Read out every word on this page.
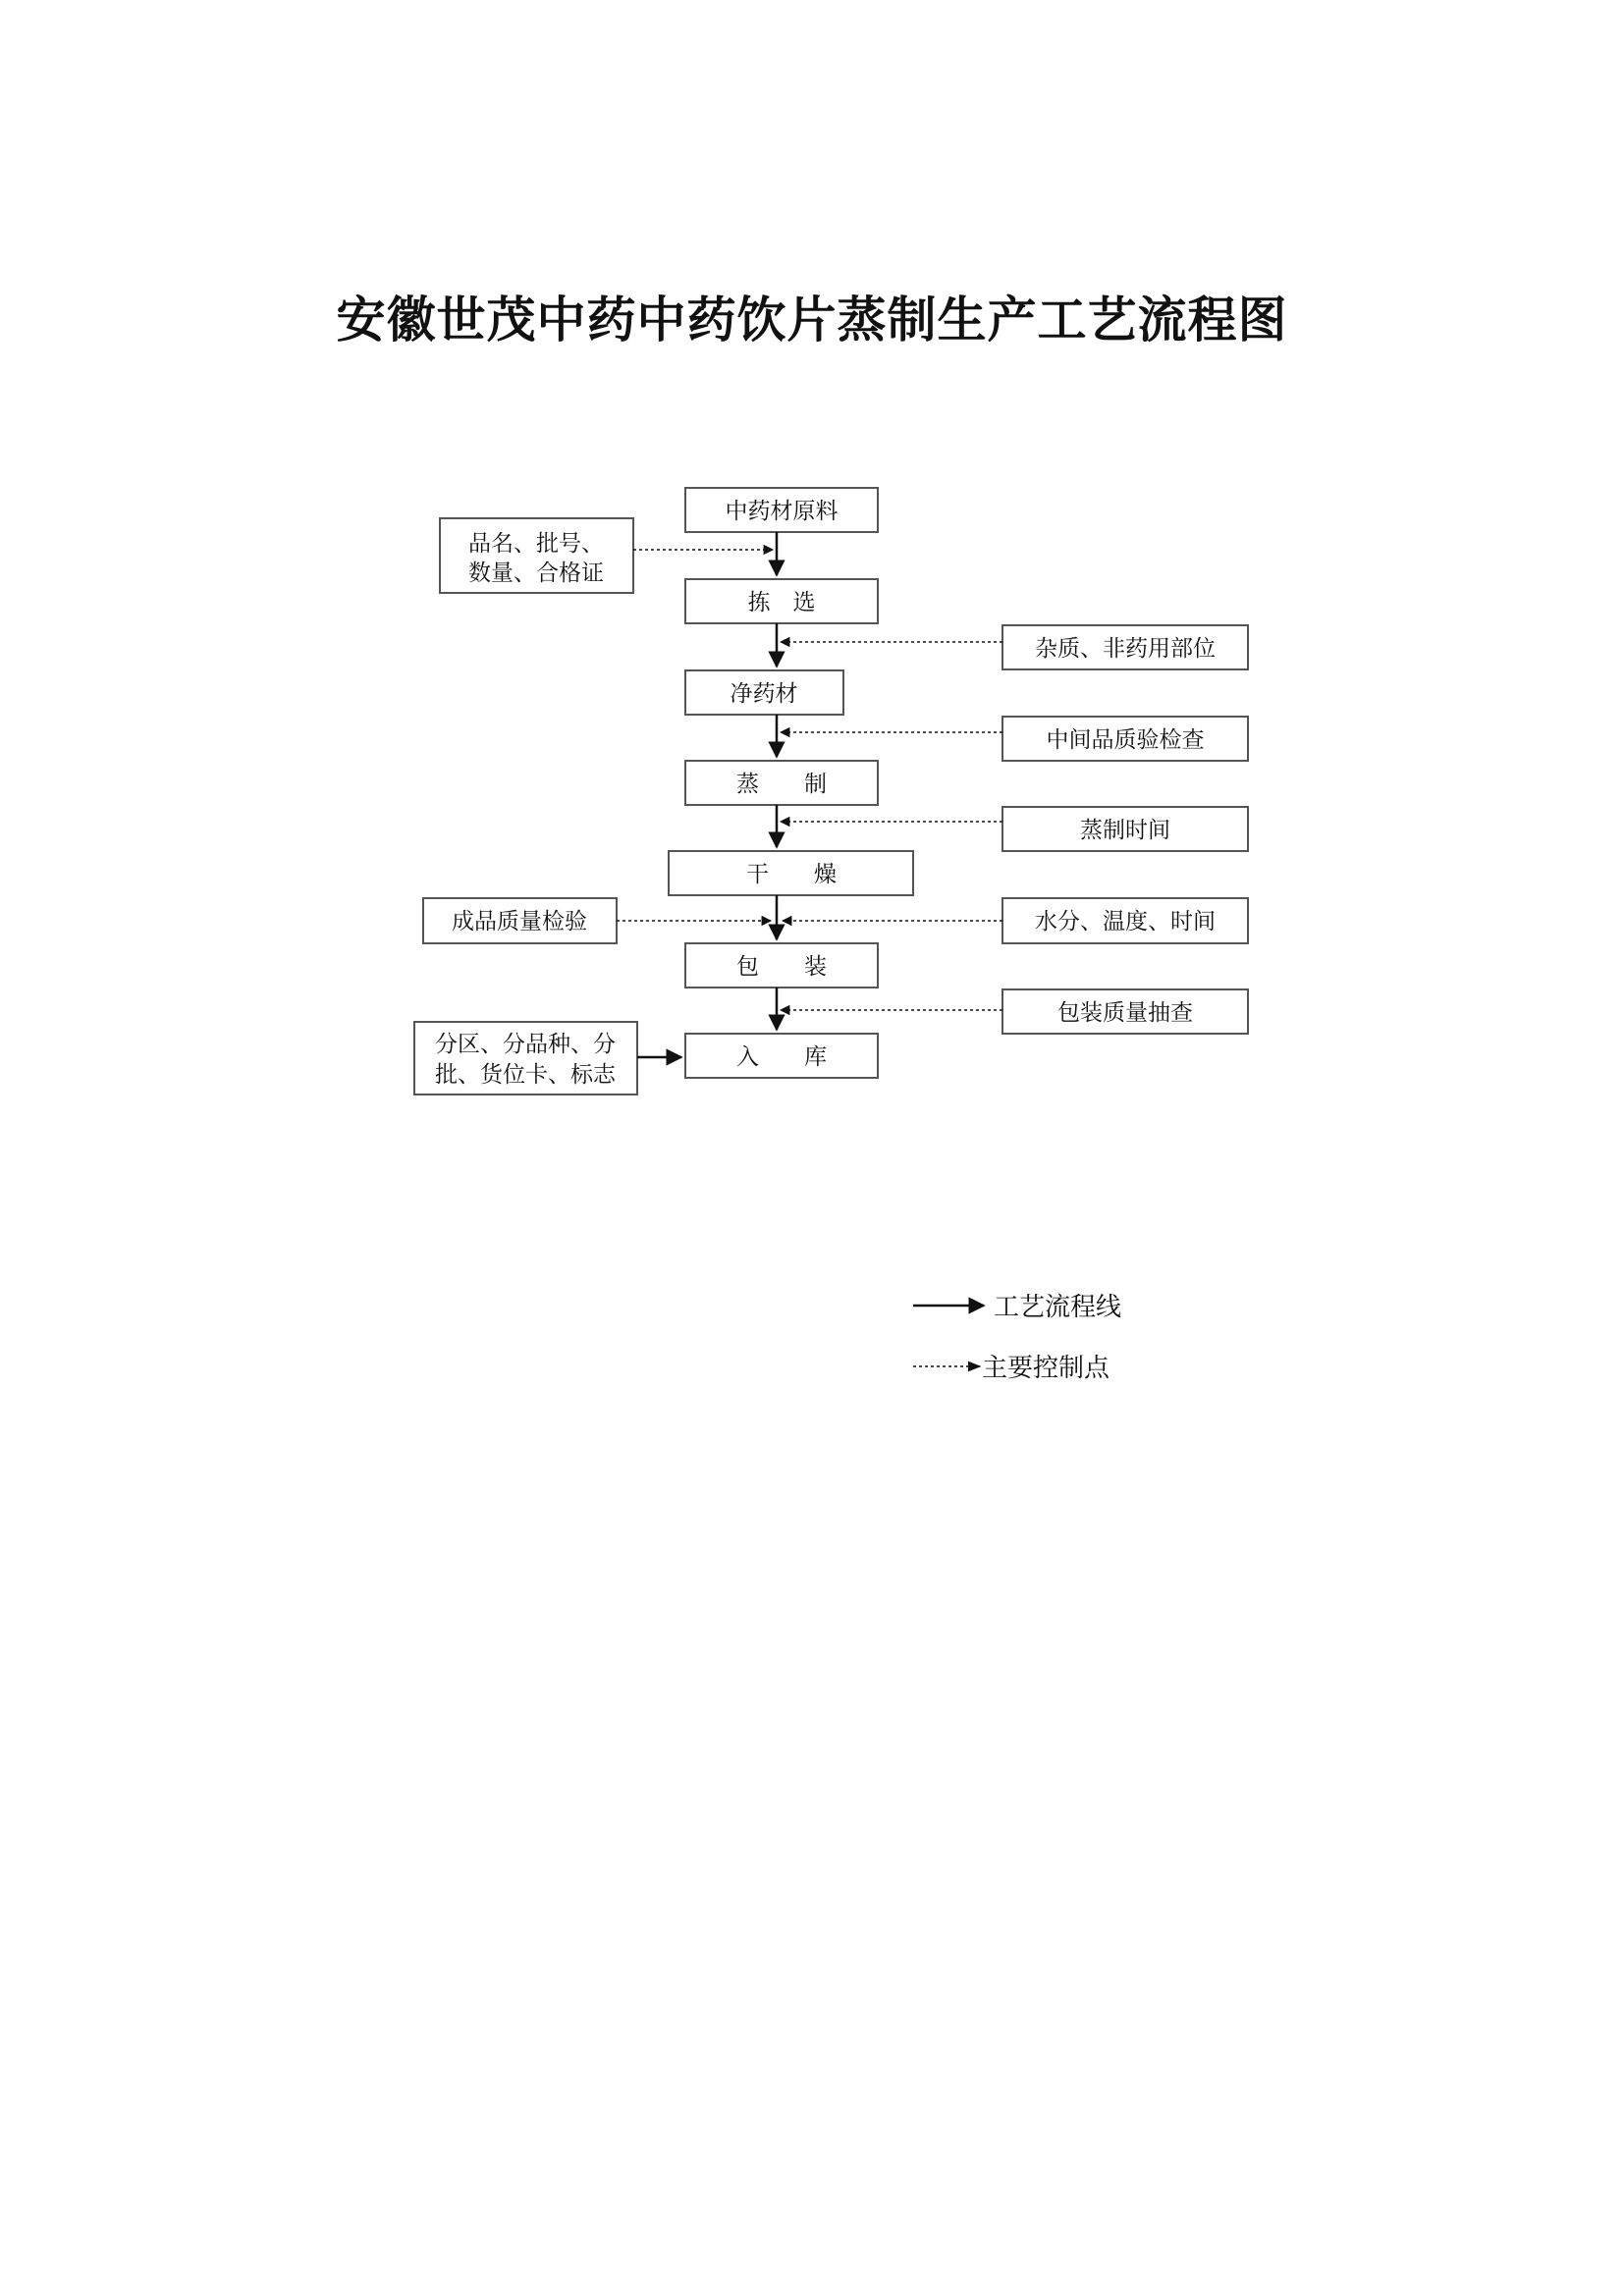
安徽世茂中药中药饮片蒸制生产工艺流程图
中药材原料
拣　选
净药材
蒸　　制
干　　燥
包　　装
入　　库
品名、批号、
数量、合格证
成品质量检验
分区、分品种、分
批、货位卡、标志
杂质、非药用部位
中间品质验检查
蒸制时间
水分、温度、时间
包装质量抽查
工艺流程线
主要控制点
